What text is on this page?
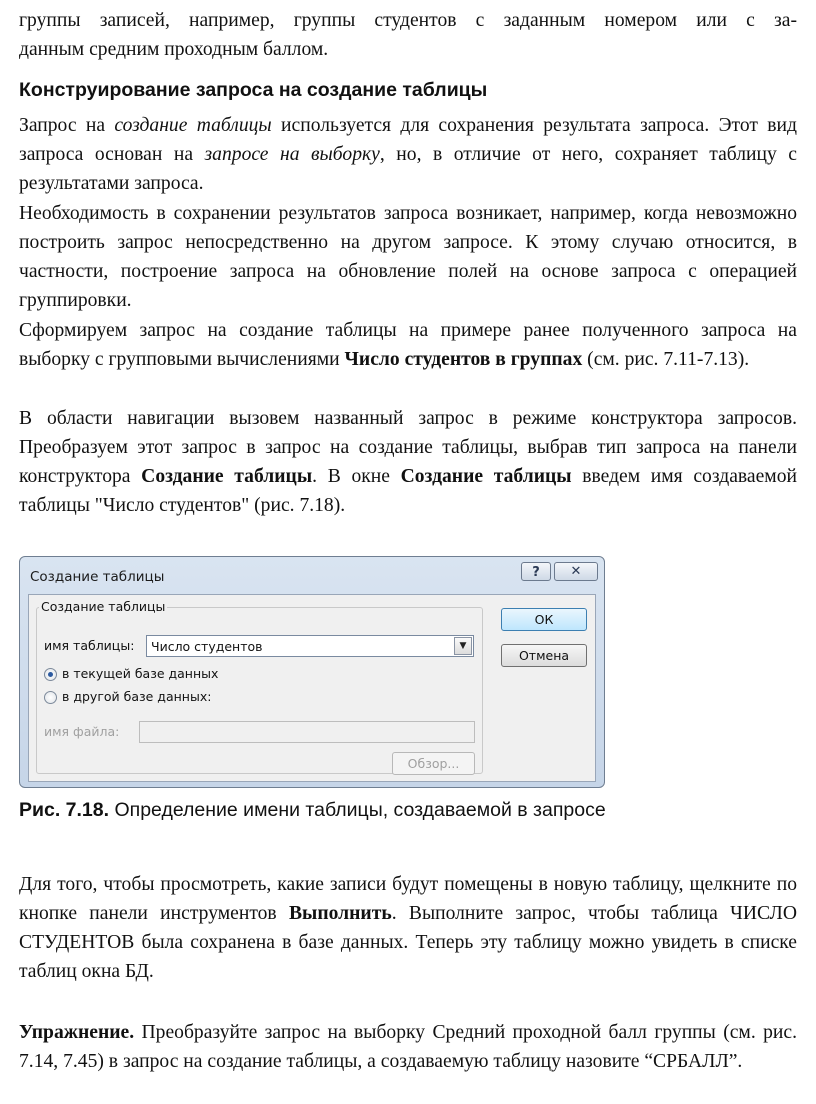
группы записей, например, группы студентов с заданным номером или с за-
данным средним проходным баллом.

Конструирование запроса на создание таблицы

Запрос на создание таблицы используется для сохранения результата запроса. Этот вид запроса основан на запросе на выборку, но, в отличие от него, сохраняет таблицу с результатами запроса.

Необходимость в сохранении результатов запроса возникает, например, когда невозможно построить запрос непосредственно на другом запросе. К этому случаю относится, в частности, построение запроса на обновление полей на основе запроса с операцией группировки.

Сформируем запрос на создание таблицы на примере ранее полученного запроса на выборку с групповыми вычислениями Число студентов в группах (см. рис. 7.11-7.13).

В области навигации вызовем названный запрос в режиме конструктора запросов. Преобразуем этот запрос в запрос на создание таблицы, выбрав тип запроса на панели конструктора Создание таблицы. В окне Создание таблицы введем имя создаваемой таблицы "Число студентов" (рис. 7.18).

Создание таблицы	?	✕
Создание таблицы
имя таблицы: Число студентов	▼
в текущей базе данных
в другой базе данных:
имя файла:
Обзор...
ОК
Отмена

Рис. 7.18. Определение имени таблицы, создаваемой в запросе

Для того, чтобы просмотреть, какие записи будут помещены в новую таблицу, щелкните по кнопке панели инструментов Выполнить. Выполните запрос, чтобы таблица ЧИСЛО СТУДЕНТОВ была сохранена в базе данных. Теперь эту таблицу можно увидеть в списке таблиц окна БД.

Упражнение. Преобразуйте запрос на выборку Средний проходной балл группы (см. рис. 7.14, 7.45) в запрос на создание таблицы, а создаваемую таблицу назовите “СРБАЛЛ”.
